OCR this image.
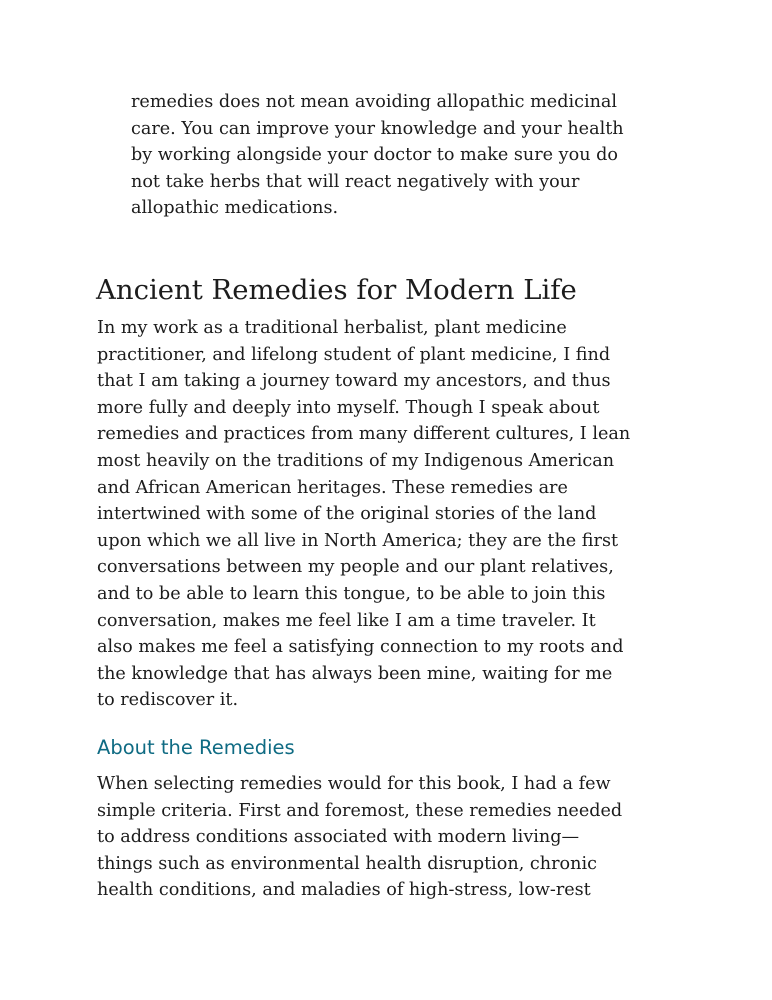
remedies does not mean avoiding allopathic medicinal
care. You can improve your knowledge and your health
by working alongside your doctor to make sure you do
not take herbs that will react negatively with your
allopathic medications.

Ancient Remedies for Modern Life

In my work as a traditional herbalist, plant medicine
practitioner, and lifelong student of plant medicine, I find
that I am taking a journey toward my ancestors, and thus
more fully and deeply into myself. Though I speak about
remedies and practices from many different cultures, I lean
most heavily on the traditions of my Indigenous American
and African American heritages. These remedies are
intertwined with some of the original stories of the land
upon which we all live in North America; they are the first
conversations between my people and our plant relatives,
and to be able to learn this tongue, to be able to join this
conversation, makes me feel like I am a time traveler. It
also makes me feel a satisfying connection to my roots and
the knowledge that has always been mine, waiting for me
to rediscover it.

About the Remedies

When selecting remedies would for this book, I had a few
simple criteria. First and foremost, these remedies needed
to address conditions associated with modern living—
things such as environmental health disruption, chronic
health conditions, and maladies of high-stress, low-rest
